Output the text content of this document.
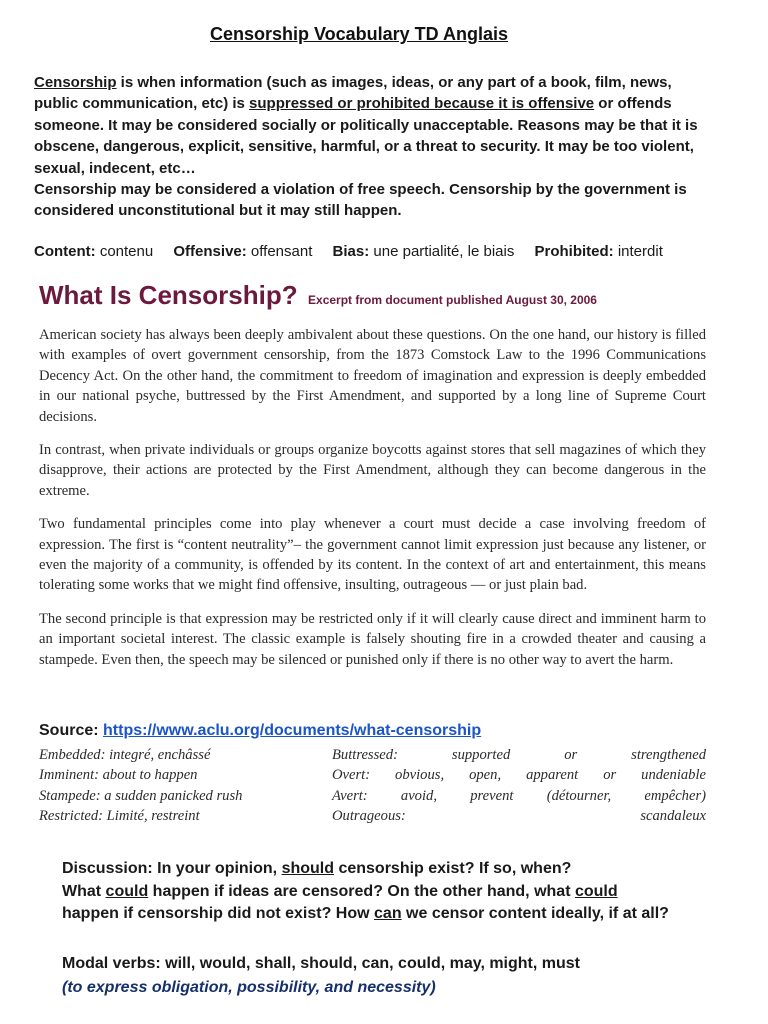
Censorship Vocabulary TD Anglais

Censorship is when information (such as images, ideas, or any part of a book, film, news, public communication, etc) is suppressed or prohibited because it is offensive or offends someone. It may be considered socially or politically unacceptable. Reasons may be that it is obscene, dangerous, explicit, sensitive, harmful, or a threat to security. It may be too violent, sexual, indecent, etc…

Censorship may be considered a violation of free speech. Censorship by the government is considered unconstitutional but it may still happen.

Content: contenu Offensive: offensant Bias: une partialité, le biais Prohibited: interdit
What Is Censorship? Excerpt from document published August 30, 2006

American society has always been deeply ambivalent about these questions. On the one hand, our history is filled with examples of overt government censorship, from the 1873 Comstock Law to the 1996 Communications Decency Act. On the other hand, the commitment to freedom of imagination and expression is deeply embedded in our national psyche, buttressed by the First Amendment, and supported by a long line of Supreme Court decisions.

In contrast, when private individuals or groups organize boycotts against stores that sell magazines of which they disapprove, their actions are protected by the First Amendment, although they can become dangerous in the extreme.

Two fundamental principles come into play whenever a court must decide a case involving freedom of expression. The first is “content neutrality”– the government cannot limit expression just because any listener, or even the majority of a community, is offended by its content. In the context of art and entertainment, this means tolerating some works that we might find offensive, insulting, outrageous — or just plain bad.

The second principle is that expression may be restricted only if it will clearly cause direct and imminent harm to an important societal interest. The classic example is falsely shouting fire in a crowded theater and causing a stampede. Even then, the speech may be silenced or punished only if there is no other way to avert the harm.

Source: https://www.aclu.org/documents/what-censorship
Embedded: integré, enchâssé	Buttressed: supported or strengthened
Imminent: about to happen	Overt: obvious, open, apparent or undeniable
Stampede: a sudden panicked rush	Avert: avoid, prevent (détourner, empêcher)
Restricted: Limité, restreint	Outrageous: scandaleux

Discussion: In your opinion, should censorship exist? If so, when?

What could happen if ideas are censored? On the other hand, what could

happen if censorship did not exist? How can we censor content ideally, if at all?

Modal verbs: will, would, shall, should, can, could, may, might, must
(to express obligation, possibility, and necessity)
